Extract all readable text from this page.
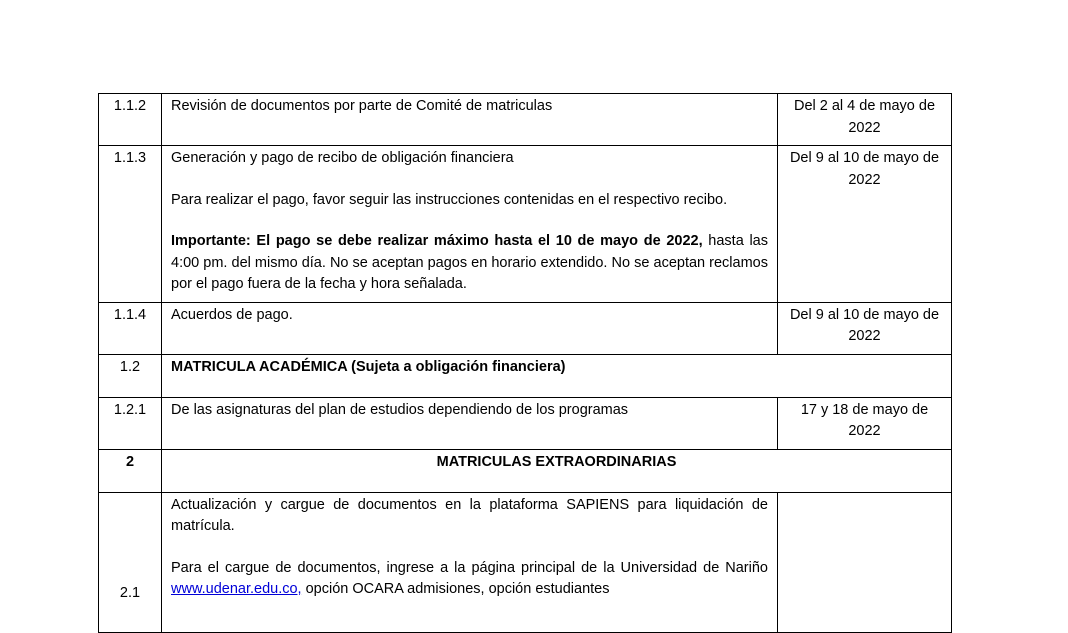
1.1.2	Revisión de documentos por parte de Comité de matriculas	Del 2 al 4 de mayo de 2022
1.1.3	Generación y pago de recibo de obligación financiera

Para realizar el pago, favor seguir las instrucciones contenidas en el respectivo recibo.

Importante: El pago se debe realizar máximo hasta el 10 de mayo de 2022, hasta las 4:00 pm. del mismo día. No se aceptan pagos en horario extendido. No se aceptan reclamos por el pago fuera de la fecha y hora señalada.	Del 9 al 10 de mayo de 2022
1.1.4	Acuerdos de pago.	Del 9 al 10 de mayo de 2022
1.2	MATRICULA ACADÉMICA (Sujeta a obligación financiera)	
1.2.1	De las asignaturas del plan de estudios dependiendo de los programas	17 y 18 de mayo de 2022
2	MATRICULAS EXTRAORDINARIAS	
2.1	Actualización y cargue de documentos en la plataforma SAPIENS para liquidación de matrícula.

Para el cargue de documentos, ingrese a la página principal de la Universidad de Nariño www.udenar.edu.co, opción OCARA admisiones, opción estudiantes	
